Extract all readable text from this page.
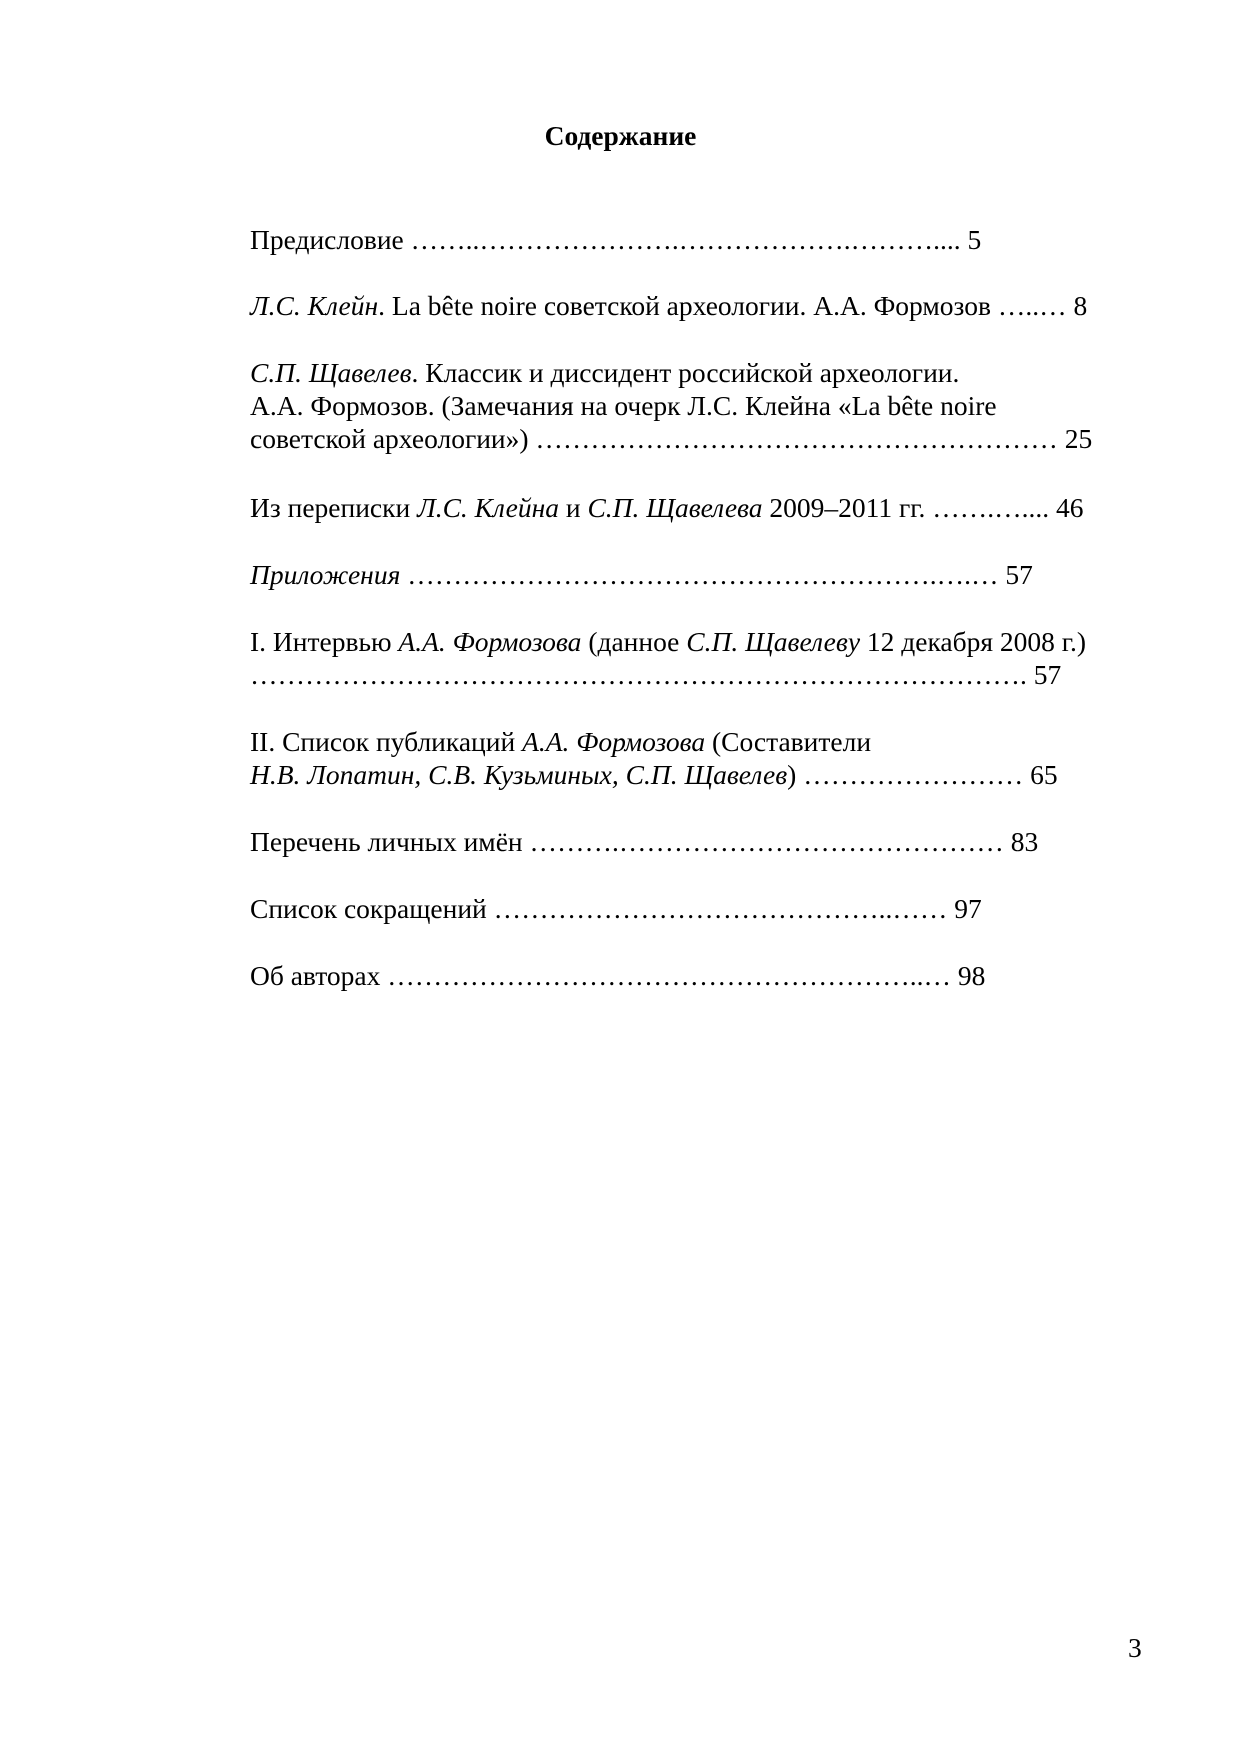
Содержание
Предисловие ……..………………….……………….……….... 5
Л.С. Клейн. La bête noire советской археологии. А.А. Формозов …..… 8
С.П. Щавелев. Классик и диссидент российской археологии.
А.А. Формозов. (Замечания на очерк Л.С. Клейна «La bête noire
советской археологии») ………………………………………………… 25
Из переписки Л.С. Клейна и С.П. Щавелева 2009–2011 гг. …….….... 46
Приложения ………………………………………………….….… 57
I. Интервью А.А. Формозова (данное С.П. Щавелеву 12 декабря 2008 г.)
…………………………………………………………………………. 57
II. Список публикаций А.А. Формозова (Составители
Н.В. Лопатин, С.В. Кузьминых, С.П. Щавелев) …………………… 65
Перечень личных имён ……….…………………………………… 83
Список сокращений ……………………………………..…… 97
Об авторах …………………………………………………..… 98
3
